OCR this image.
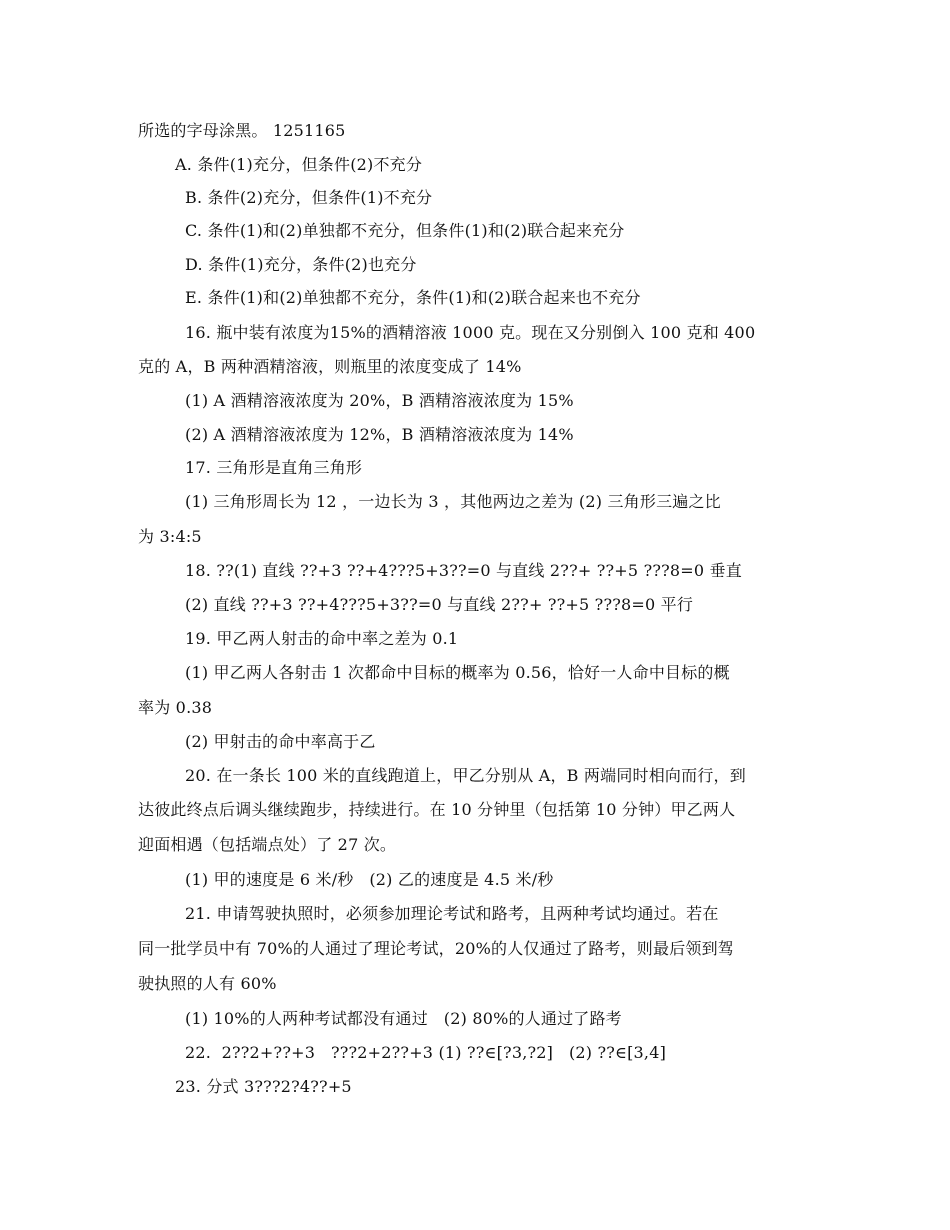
所选的字母涂黑。 1251165
A. 条件(1)充分，但条件(2)不充分
B. 条件(2)充分，但条件(1)不充分
C. 条件(1)和(2)单独都不充分，但条件(1)和(2)联合起来充分
D. 条件(1)充分，条件(2)也充分
E. 条件(1)和(2)单独都不充分，条件(1)和(2)联合起来也不充分
16. 瓶中装有浓度为15%的酒精溶液 1000 克。现在又分别倒入 100 克和 400
克的 A，B 两种酒精溶液，则瓶里的浓度变成了 14%
(1) A 酒精溶液浓度为 20%，B 酒精溶液浓度为 15%
(2) A 酒精溶液浓度为 12%，B 酒精溶液浓度为 14%
17. 三角形是直角三角形
(1) 三角形周长为 12 ，一边长为 3 ，其他两边之差为 (2) 三角形三遍之比
为 3:4:5
18. ??(1) 直线 ??+3 ??+4???5+3??=0 与直线 2??+ ??+5 ???8=0 垂直
(2) 直线 ??+3 ??+4???5+3??=0 与直线 2??+ ??+5 ???8=0 平行
19. 甲乙两人射击的命中率之差为 0.1
(1) 甲乙两人各射击 1 次都命中目标的概率为 0.56，恰好一人命中目标的概
率为 0.38
(2) 甲射击的命中率高于乙
20. 在一条长 100 米的直线跑道上，甲乙分别从 A，B 两端同时相向而行，到
达彼此终点后调头继续跑步，持续进行。在 10 分钟里（包括第 10 分钟）甲乙两人
迎面相遇（包括端点处）了 27 次。
(1) 甲的速度是 6 米/秒   (2) 乙的速度是 4.5 米/秒
21. 申请驾驶执照时，必须参加理论考试和路考，且两种考试均通过。若在
同一批学员中有 70%的人通过了理论考试，20%的人仅通过了路考，则最后领到驾
驶执照的人有 60%
(1) 10%的人两种考试都没有通过   (2) 80%的人通过了路考
22.  2??2+??+3   ???2+2??+3 (1) ??∈[?3,?2]   (2) ??∈[3,4]
23. 分式 3???2?4??+5
